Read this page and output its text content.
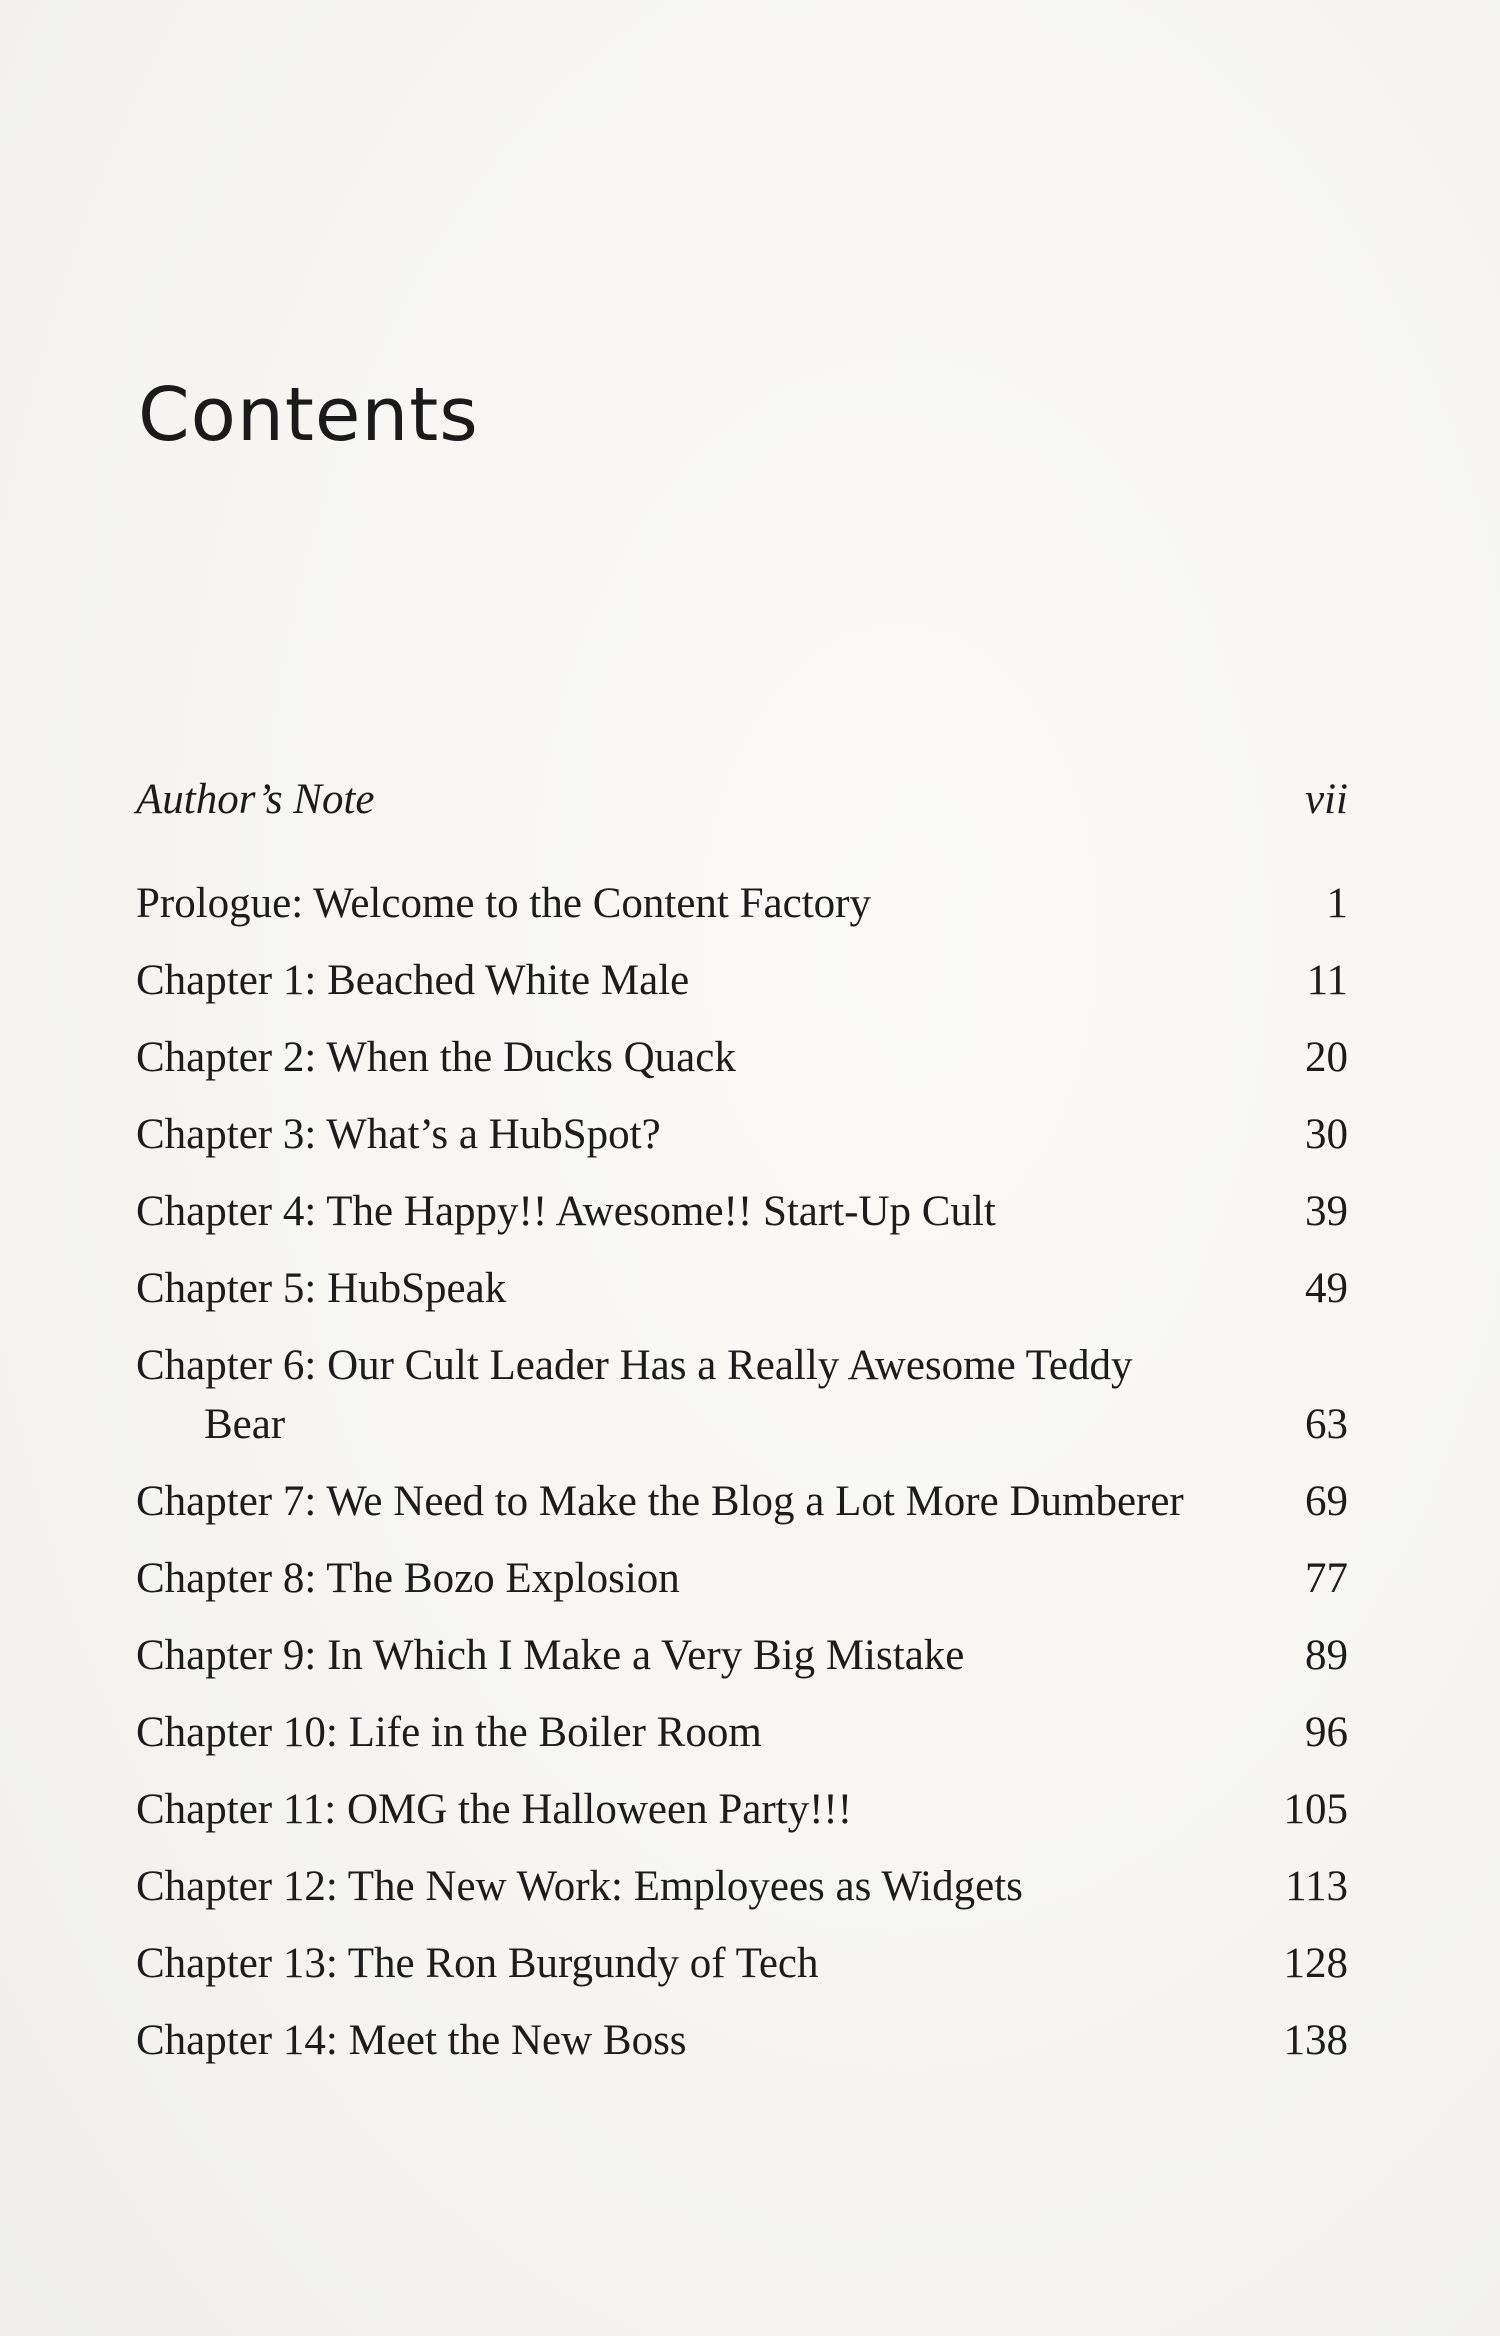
Contents
Author’s Note	vii
Prologue: Welcome to the Content Factory	1
Chapter 1: Beached White Male	11
Chapter 2: When the Ducks Quack	20
Chapter 3: What’s a HubSpot?	30
Chapter 4: The Happy!! Awesome!! Start-Up Cult	39
Chapter 5: HubSpeak	49
Chapter 6: Our Cult Leader Has a Really Awesome Teddy Bear	63
Chapter 7: We Need to Make the Blog a Lot More Dumberer	69
Chapter 8: The Bozo Explosion	77
Chapter 9: In Which I Make a Very Big Mistake	89
Chapter 10: Life in the Boiler Room	96
Chapter 11: OMG the Halloween Party!!!	105
Chapter 12: The New Work: Employees as Widgets	113
Chapter 13: The Ron Burgundy of Tech	128
Chapter 14: Meet the New Boss	138
